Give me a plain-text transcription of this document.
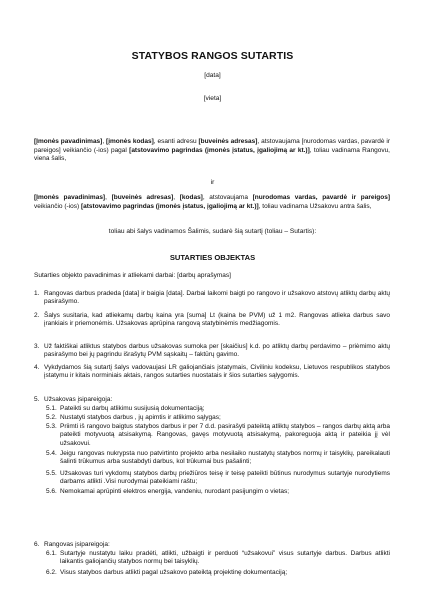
STATYBOS RANGOS SUTARTIS
[data]
[vieta]
[Įmonės pavadinimas], [įmonės kodas], esanti adresu [buveinės adresas], atstovaujama [nurodomas vardas, pavardė ir pareigos] veikiančio (-ios) pagal [atstovavimo pagrindas (įmonės įstatus, įgaliojimą ar kt.)], toliau vadinama Rangovu, viena šalis,
ir
[Įmonės pavadinimas], [buveinės adresas], [kodas], atstovaujama [nurodomas vardas, pavardė ir pareigos] veikiančio (-ios) [atstovavimo pagrindas (įmonės įstatus, įgaliojimą ar kt.)], toliau vadinama Užsakovu antra šalis,
toliau abi šalys vadinamos Šalimis, sudarė šią sutartį (toliau – Sutartis):
SUTARTIES OBJEKTAS
Sutarties objekto pavadinimas ir atliekami darbai: [darbų aprašymas]
1. Rangovas darbus pradeda [data] ir baigia [data]. Darbai laikomi baigti po rangovo ir užsakovo atstovų atliktų darbų aktų pasirašymo.
2. Šalys susitaria, kad atliekamų darbų kaina yra [suma] Lt (kaina be PVM) už 1 m2. Rangovas atlieka darbus savo įrankiais ir priemonėmis. Užsakovas aprūpina rangovą statybinėmis medžiagomis.
3. Už faktiškai atliktus statybos darbus užsakovas sumoka per [skaičius] k.d. po atliktų darbų perdavimo – priėmimo aktų pasirašymo bei jų pagrindu išrašytų PVM sąskaitų – faktūrų gavimo.
4. Vykdydamos šią sutartį šalys vadovaujasi LR galiojančiais įstatymais, Civiliniu kodeksu, Lietuvos respublikos statybos įstatymu ir kitais norminiais aktais, rangos sutarties nuostatais ir šios sutarties sąlygomis.
5. Užsakovas įsipareigoja:
5.1. Pateikti su darbų atlikimu susijusią dokumentaciją;
5.2. Nustatyti statybos darbus , jų apimtis ir atlikimo sąlygas;
5.3. Priimti iš rangovo baigtus statybos darbus ir per 7 d.d. pasirašyti pateiktą atliktų statybos – rangos darbų aktą arba pateikti motyvuotą atsisakymą. Rangovas, gavęs motyvuotą atsisakymą, pakoreguoja aktą ir pateikia jį vėl užsakovui.
5.4. Jeigu rangovas nukrypsta nuo patvirtinto projekto arba nesilaiko nustatytų statybos normų ir taisyklių, pareikalauti šalinti trūkumus arba sustabdyti darbus, kol trūkumai bus pašalinti;
5.5. Užsakovas turi vykdomų statybos darbų priežiūros teisę ir teisę pateikti būtinus nurodymus sutartyje nurodytiems darbams atlikti .Visi nurodymai pateikiami raštu;
5.6. Nemokamai aprūpinti elektros energija, vandeniu, nurodant pasijungim o vietas;
6. Rangovas įsipareigoja:
6.1. Sutartyje nustatytu laiku pradėti, atlikti, užbaigti ir perduoti “užsakovui” visus sutartyje darbus. Darbus atlikti laikantis galiojančių statybos normų bei taisyklių.
6.2. Visus statybos darbus atlikti pagal užsakovo pateiktą projektinę dokumentaciją;
